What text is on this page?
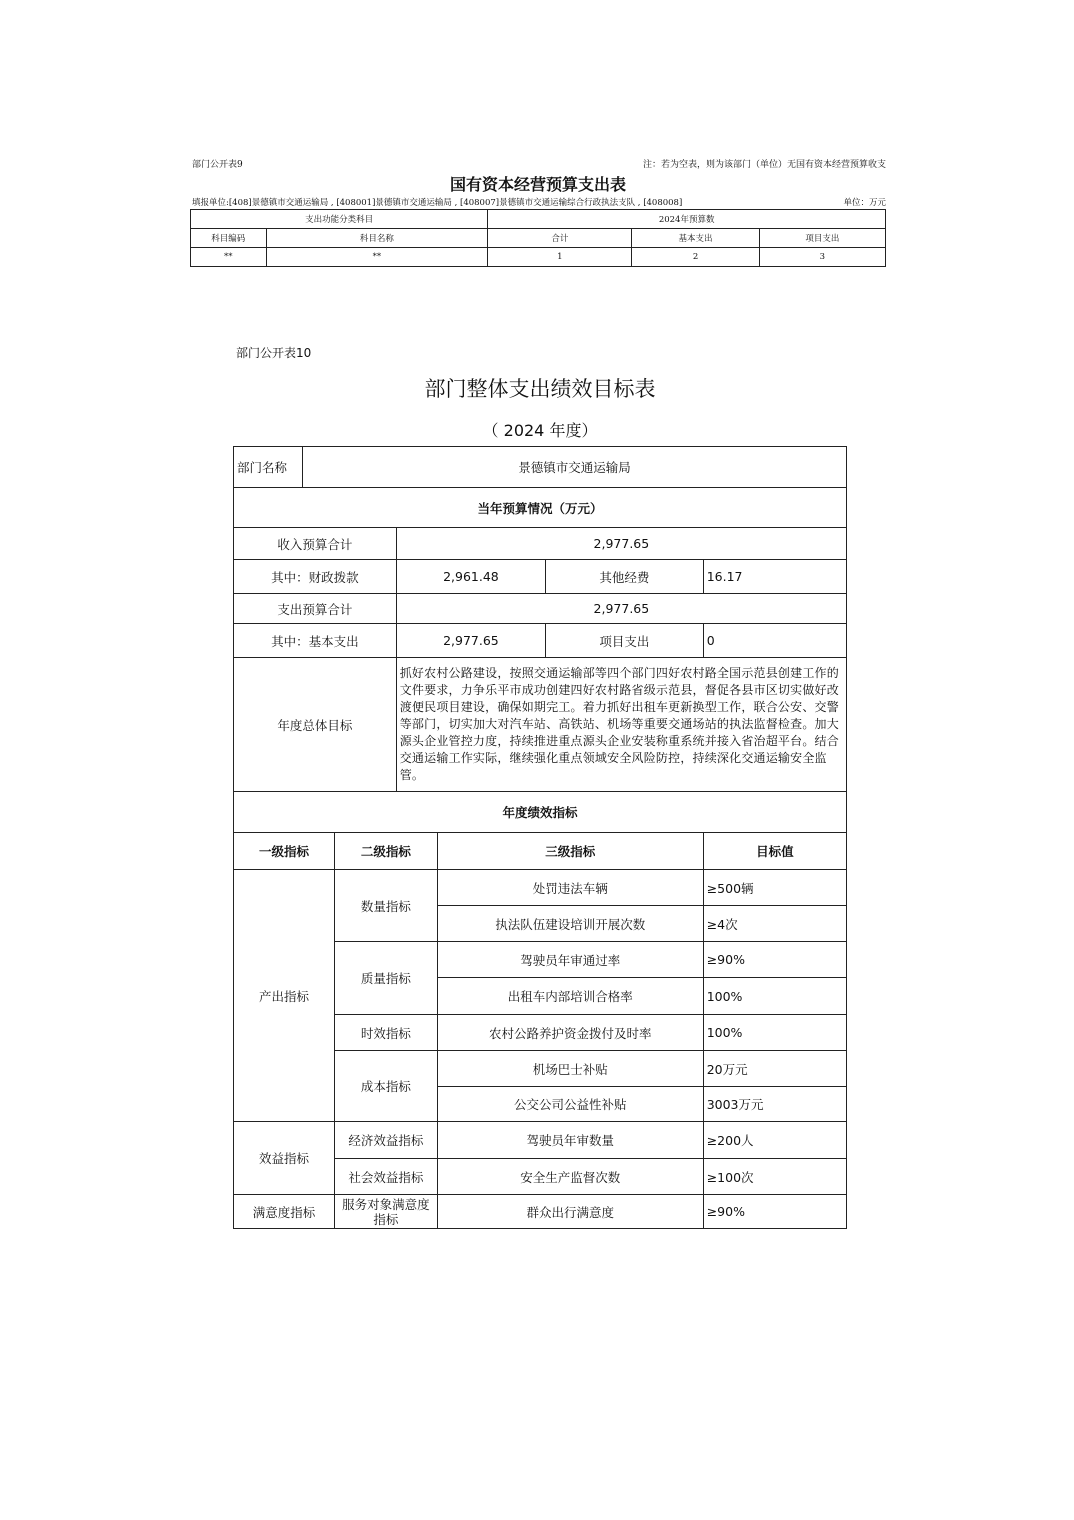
部门公开表9	注：若为空表，则为该部门（单位）无国有资本经营预算收支
国有资本经营预算支出表
填报单位:[408]景德镇市交通运输局 , [408001]景德镇市交通运输局 , [408007]景德镇市交通运输综合行政执法支队 , [408008]	单位：万元
支出功能分类科目		2024年预算数		
科目编码	科目名称	合计	基本支出	项目支出
**	**	1	2	3
部门公开表10
部门整体支出绩效目标表
（ 2024 年度）
部门名称	景德镇市交通运输局					
当年预算情况（万元）						
收入预算合计			2,977.65			
其中：财政拨款			2,961.48		其他经费	16.17
支出预算合计			2,977.65			
其中：基本支出			2,977.65		项目支出	0
年度总体目标			抓好农村公路建设，按照交通运输部等四个部门四好农村路全国示范县创建工作的文件要求，力争乐平市成功创建四好农村路省级示范县，督促各县市区切实做好改渡便民项目建设，确保如期完工。着力抓好出租车更新换型工作，联合公安、交警等部门，切实加大对汽车站、高铁站、机场等重要交通场站的执法监督检查。加大源头企业管控力度，持续推进重点源头企业安装称重系统并接入省治超平台。结合交通运输工作实际，继续强化重点领域安全风险防控，持续深化交通运输安全监管。			
年度绩效指标						
一级指标		二级指标		三级指标		目标值
产出指标		数量指标		处罚违法车辆		≥500辆
				执法队伍建设培训开展次数		≥4次
		质量指标		驾驶员年审通过率		≥90%
				出租车内部培训合格率		100%
		时效指标		农村公路养护资金拨付及时率		100%
		成本指标		机场巴士补贴		20万元
				公交公司公益性补贴		3003万元
效益指标		经济效益指标		驾驶员年审数量		≥200人
		社会效益指标		安全生产监督次数		≥100次
满意度指标		服务对象满意度指标		群众出行满意度		≥90%
